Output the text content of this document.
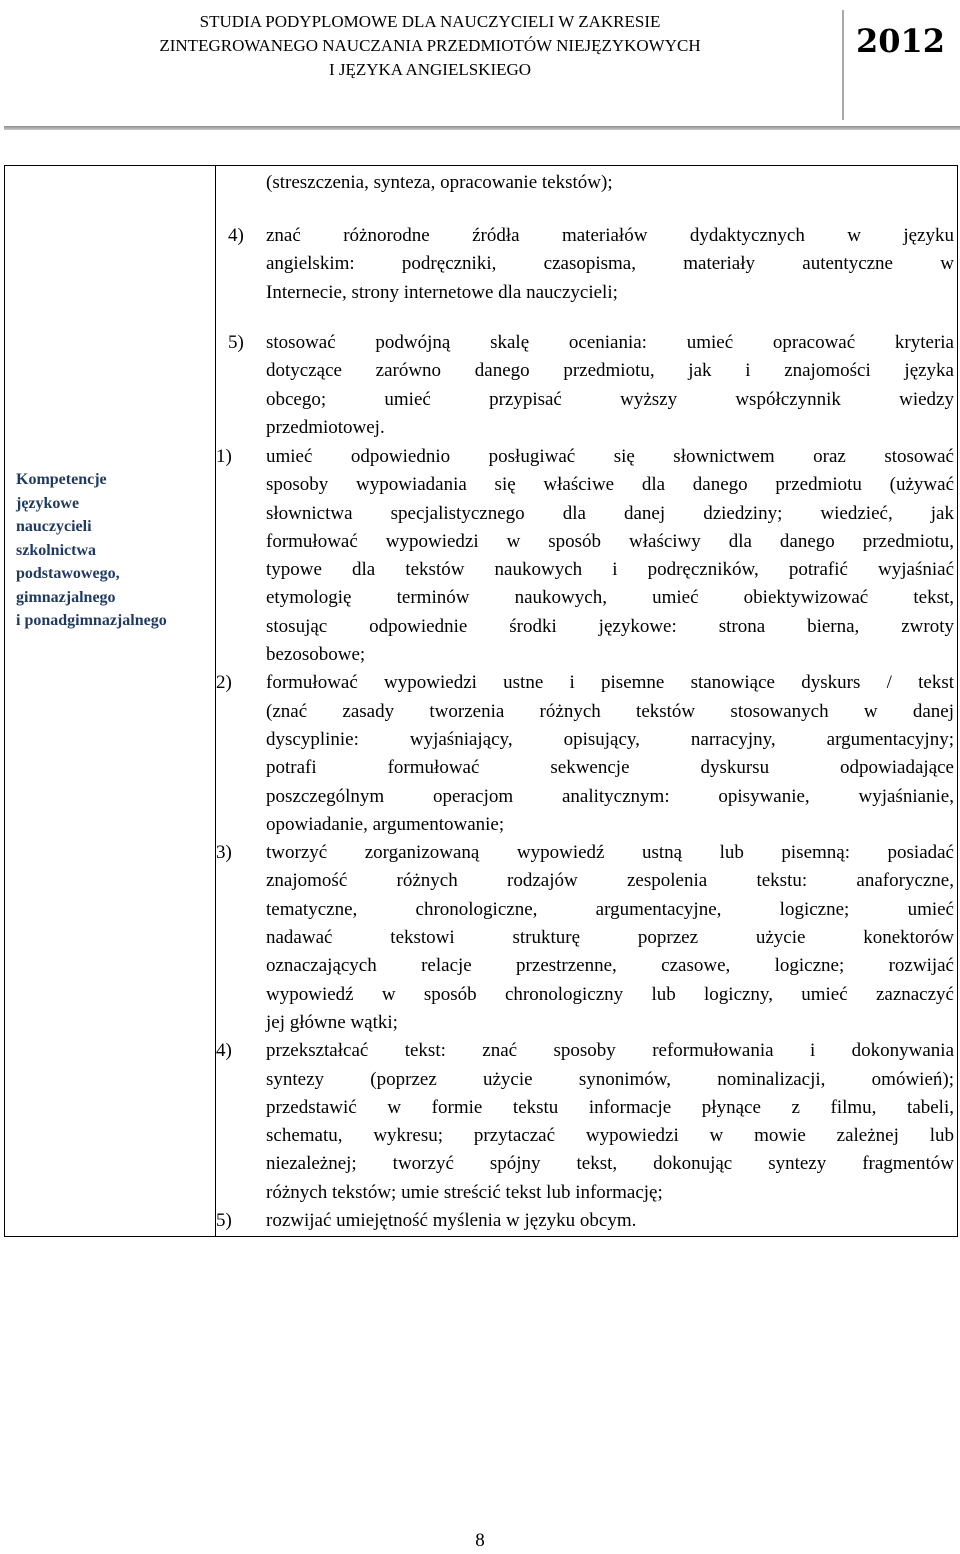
STUDIA PODYPLOMOWE DLA NAUCZYCIELI W ZAKRESIE
ZINTEGROWANEGO NAUCZANIA PRZEDMIOTÓW NIEJĘZYKOWYCH
I JĘZYKA ANGIELSKIEGO
2012
Kompetencje
językowe
nauczycieli
szkolnictwa
podstawowego,
gimnazjalnego
i ponadgimnazjalnego
(streszczenia, synteza, opracowanie tekstów);
4)	znać różnorodne źródła materiałów dydaktycznych w języku
angielskim: podręczniki, czasopisma, materiały autentyczne w
Internecie, strony internetowe dla nauczycieli;
5)	stosować podwójną skalę oceniania: umieć opracować kryteria
dotyczące zarówno danego przedmiotu, jak i znajomości języka
obcego; umieć przypisać wyższy współczynnik wiedzy
przedmiotowej.
1)	umieć odpowiednio posługiwać się słownictwem oraz stosować
sposoby wypowiadania się właściwe dla danego przedmiotu (używać
słownictwa specjalistycznego dla danej dziedziny; wiedzieć, jak
formułować wypowiedzi w sposób właściwy dla danego przedmiotu,
typowe dla tekstów naukowych i podręczników, potrafić wyjaśniać
etymologię terminów naukowych, umieć obiektywizować tekst,
stosując odpowiednie środki językowe: strona bierna, zwroty
bezosobowe;
2)	formułować wypowiedzi ustne i pisemne stanowiące dyskurs / tekst
(znać zasady tworzenia różnych tekstów stosowanych w danej
dyscyplinie: wyjaśniający, opisujący, narracyjny, argumentacyjny;
potrafi formułować sekwencje dyskursu odpowiadające
poszczególnym operacjom analitycznym: opisywanie, wyjaśnianie,
opowiadanie, argumentowanie;
3)	tworzyć zorganizowaną wypowiedź ustną lub pisemną: posiadać
znajomość różnych rodzajów zespolenia tekstu: anaforyczne,
tematyczne, chronologiczne, argumentacyjne, logiczne; umieć
nadawać tekstowi strukturę poprzez użycie konektorów
oznaczających relacje przestrzenne, czasowe, logiczne; rozwijać
wypowiedź w sposób chronologiczny lub logiczny, umieć zaznaczyć
jej główne wątki;
4)	przekształcać tekst: znać sposoby reformułowania i dokonywania
syntezy (poprzez użycie synonimów, nominalizacji, omówień);
przedstawić w formie tekstu informacje płynące z filmu, tabeli,
schematu, wykresu; przytaczać wypowiedzi w mowie zależnej lub
niezależnej; tworzyć spójny tekst, dokonując syntezy fragmentów
różnych tekstów; umie streścić tekst lub informację;
5)	rozwijać umiejętność myślenia w języku obcym.
8
